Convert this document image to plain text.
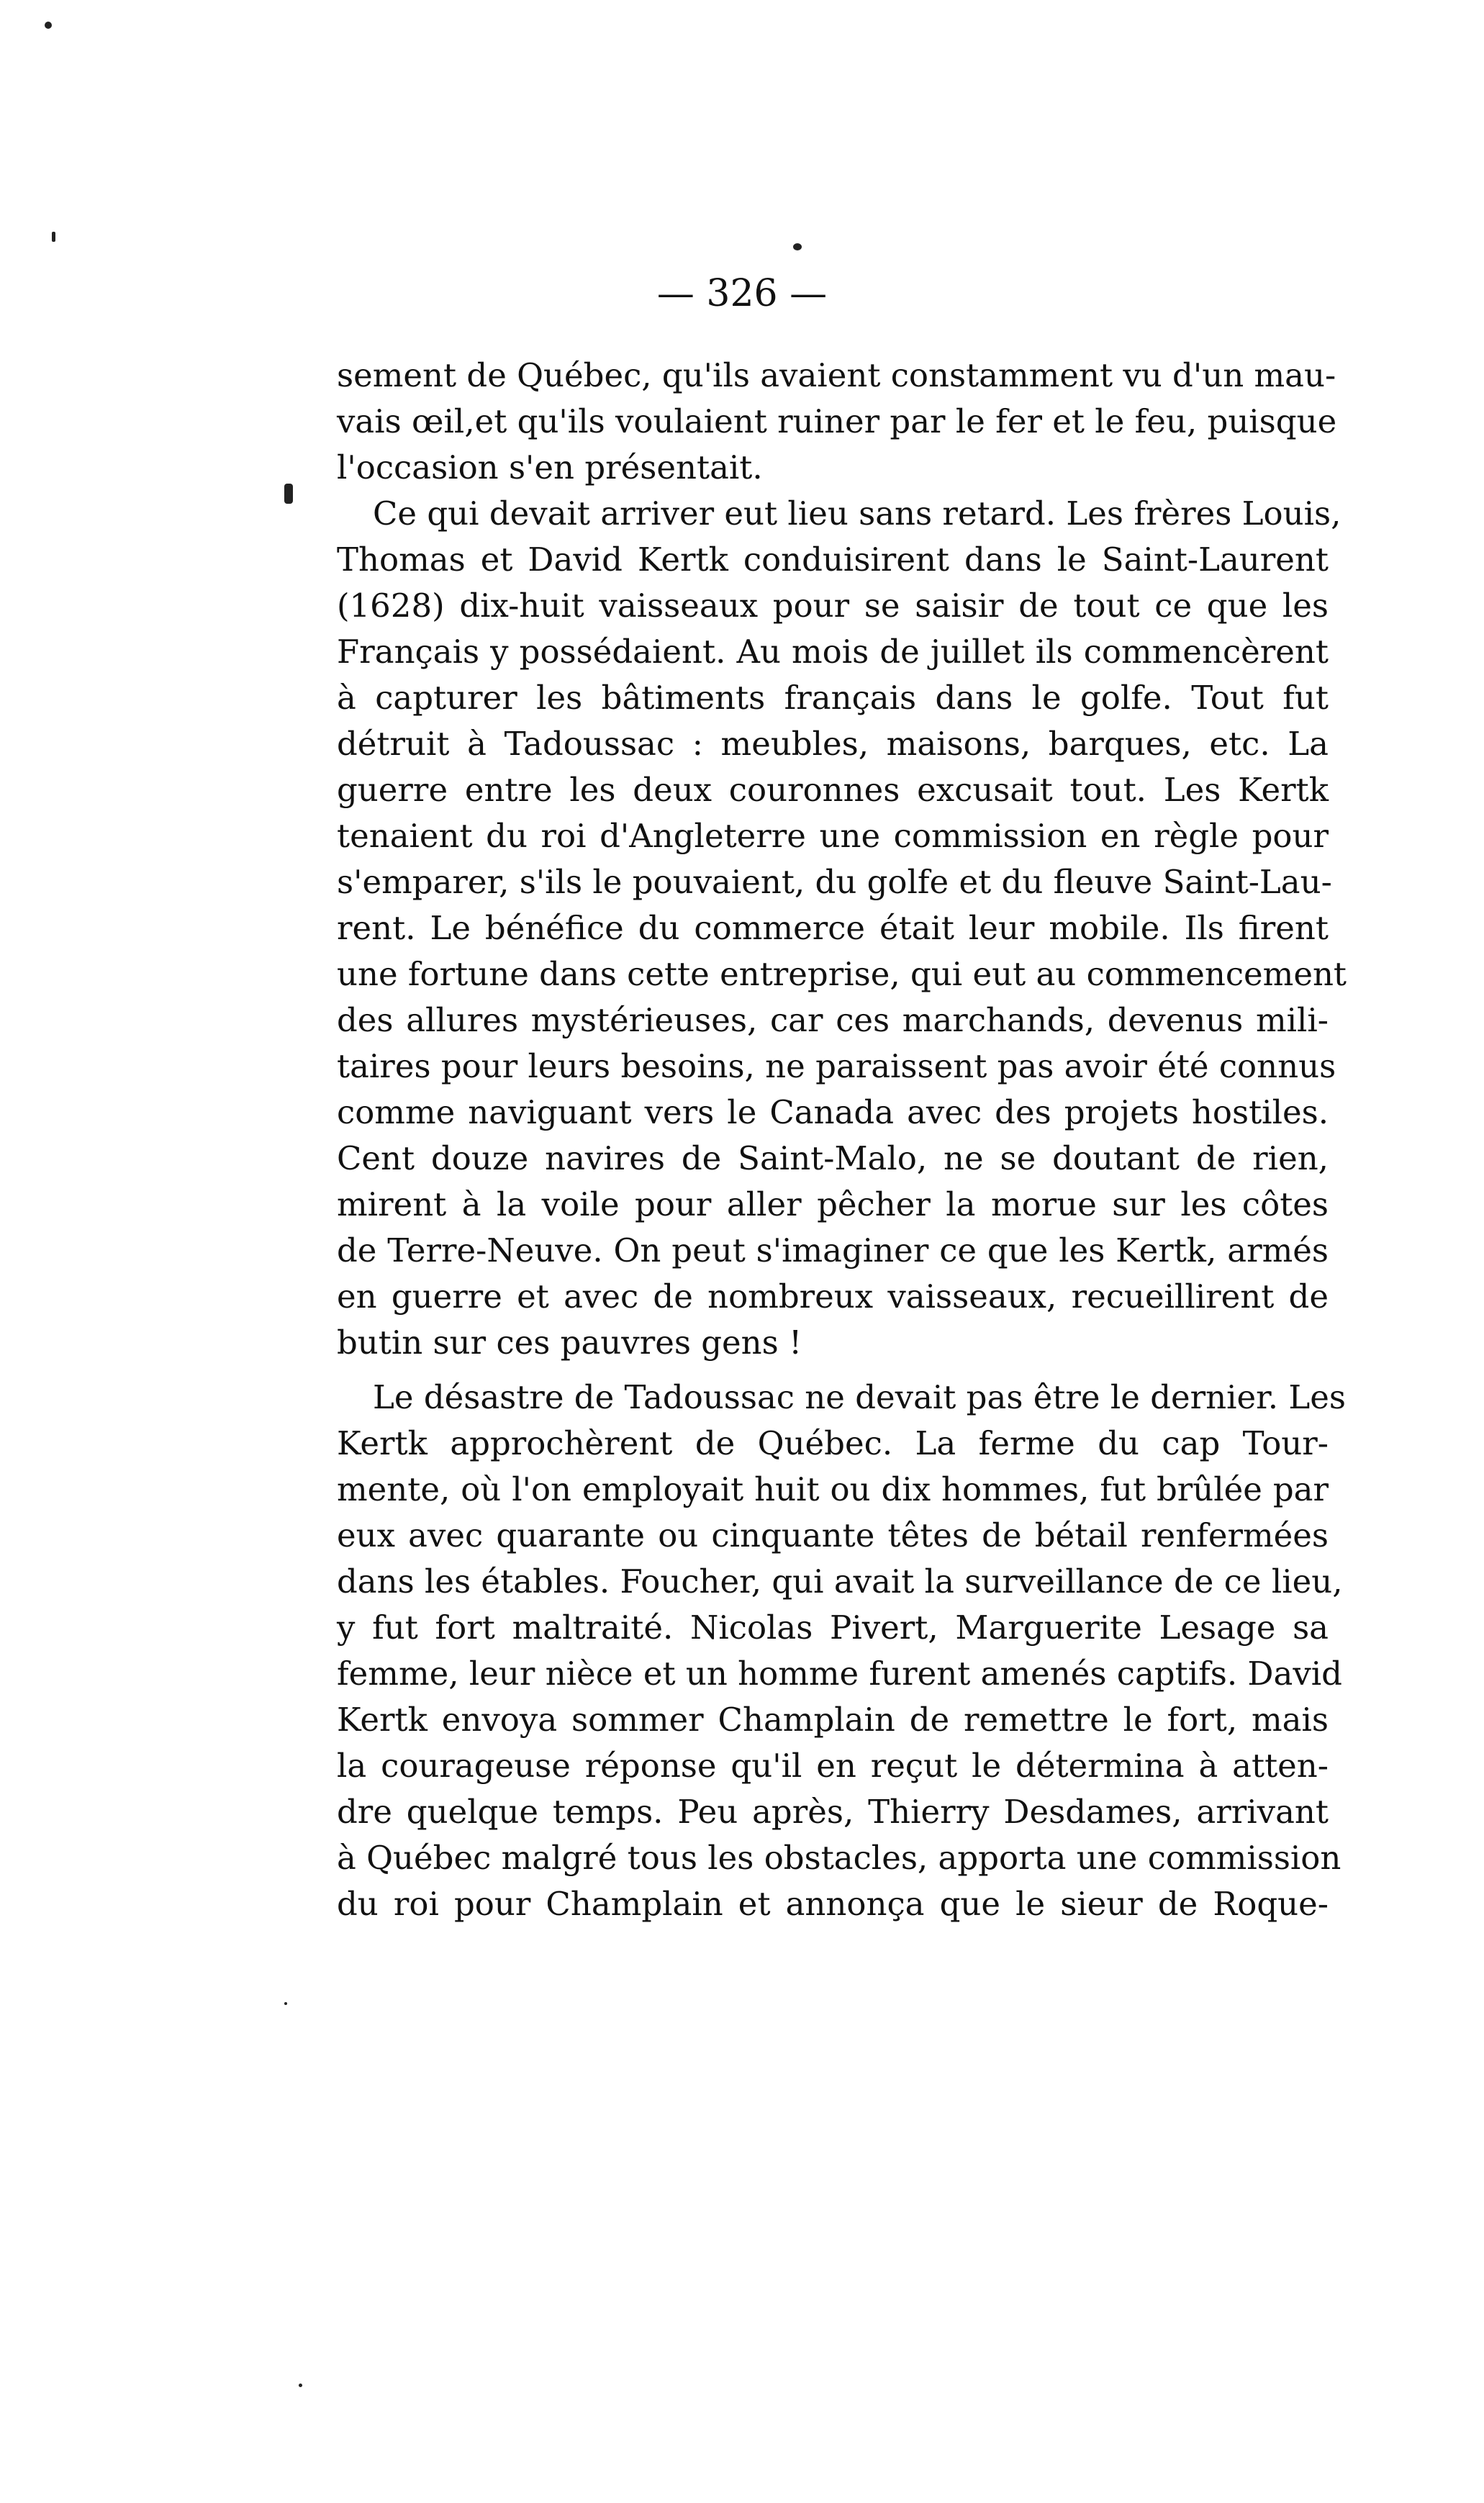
— 326 —
sement de Québec, qu'ils avaient constamment vu d'un mau-
vais œil,et qu'ils voulaient ruiner par le fer et le feu, puisque
l'occasion s'en présentait.
Ce qui devait arriver eut lieu sans retard. Les frères Louis,
Thomas et David Kertk conduisirent dans le Saint-Laurent
(1628) dix-huit vaisseaux pour se saisir de tout ce que les
Français y possédaient. Au mois de juillet ils commencèrent
à capturer les bâtiments français dans le golfe. Tout fut
détruit à Tadoussac : meubles, maisons, barques, etc. La
guerre entre les deux couronnes excusait tout. Les Kertk
tenaient du roi d'Angleterre une commission en règle pour
s'emparer, s'ils le pouvaient, du golfe et du fleuve Saint-Lau-
rent. Le bénéfice du commerce était leur mobile. Ils firent
une fortune dans cette entreprise, qui eut au commencement
des allures mystérieuses, car ces marchands, devenus mili-
taires pour leurs besoins, ne paraissent pas avoir été connus
comme naviguant vers le Canada avec des projets hostiles.
Cent douze navires de Saint-Malo, ne se doutant de rien,
mirent à la voile pour aller pêcher la morue sur les côtes
de Terre-Neuve. On peut s'imaginer ce que les Kertk, armés
en guerre et avec de nombreux vaisseaux, recueillirent de
butin sur ces pauvres gens !
Le désastre de Tadoussac ne devait pas être le dernier. Les
Kertk approchèrent de Québec. La ferme du cap Tour-
mente, où l'on employait huit ou dix hommes, fut brûlée par
eux avec quarante ou cinquante têtes de bétail renfermées
dans les étables. Foucher, qui avait la surveillance de ce lieu,
y fut fort maltraité. Nicolas Pivert, Marguerite Lesage sa
femme, leur nièce et un homme furent amenés captifs. David
Kertk envoya sommer Champlain de remettre le fort, mais
la courageuse réponse qu'il en reçut le détermina à atten-
dre quelque temps. Peu après, Thierry Desdames, arrivant
à Québec malgré tous les obstacles, apporta une commission
du roi pour Champlain et annonça que le sieur de Roque-
